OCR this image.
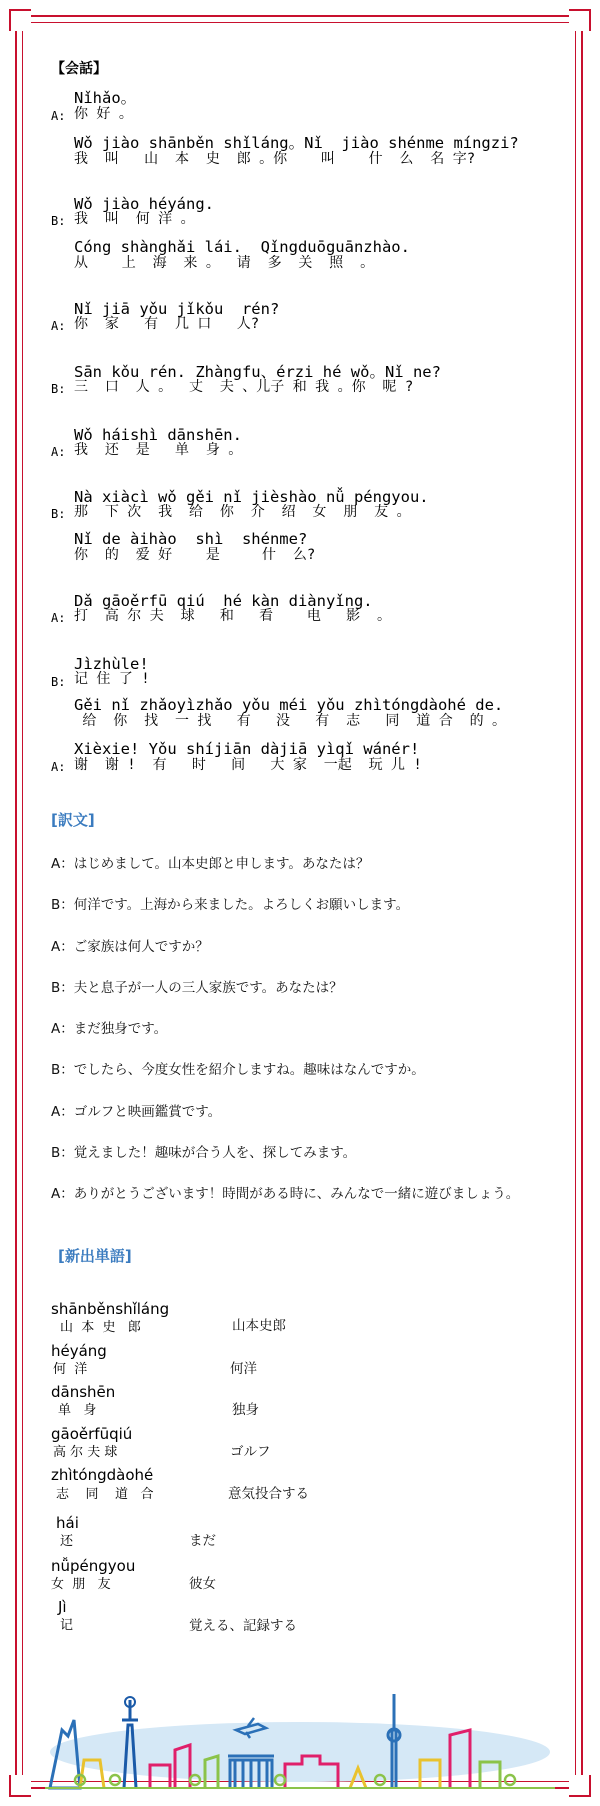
【会話】
Nǐhǎo。
A: 你 好 。
Wǒ jiào shānběn shǐláng。Nǐ  jiào shénme míngzi?
我  叫   山  本  史  郎 。你    叫    什  么  名 字?
Wǒ jiào héyáng.
B: 我  叫  何 洋 。
Cóng shànghǎi lái.  Qǐngduōguānzhào.
从    上  海  来 。  请  多  关  照  。
Nǐ jiā yǒu jǐkǒu  rén?
A: 你  家   有  几 口   人?
Sān kǒu rén. Zhàngfu、érzi hé wǒ。Nǐ ne?
B: 三  口  人 。  丈  夫 、儿子 和 我 。你  呢 ?
Wǒ háishì dānshēn.
A: 我  还  是   单  身 。
Nà xiàcì wǒ gěi nǐ jièshào nǚ péngyou.
B: 那  下 次  我  给  你  介  绍  女  朋  友 。
Nǐ de àihào  shì  shénme?
你  的  爱 好    是     什  么?
Dǎ gāoěrfū qiú  hé kàn diànyǐng.
A: 打  高 尔 夫  球   和   看    电   影  。
Jìzhùle!
B: 记 住 了 !
Gěi nǐ zhǎoyìzhǎo yǒu méi yǒu zhìtóngdàohé de.
给  你  找  一 找   有   没   有  志   同  道 合  的 。
Xièxie! Yǒu shíjiān dàjiā yìqǐ wánér!
A: 谢  谢 !  有   时   间   大 家  一起  玩 儿 !
[訳文]
A：はじめまして。山本史郎と申します。あなたは？
B：何洋です。上海から来ました。よろしくお願いします。
A：ご家族は何人ですか？
B：夫と息子が一人の三人家族です。あなたは？
A：まだ独身です。
B：でしたら、今度女性を紹介しますね。趣味はなんですか。
A：ゴルフと映画鑑賞です。
B：覚えました！趣味が合う人を、探してみます。
A：ありがとうございます！時間がある時に、みんなで一緒に遊びましょう。
[新出単語]
shānběnshǐláng
山  本  史   郎	山本史郎
héyáng
何  洋	何洋
dānshēn
单   身	独身
gāoěrfūqiú
高 尔 夫 球	ゴルフ
zhìtóngdàohé
志    同    道   合	意気投合する
hái
还	まだ
nǚpéngyou
女  朋   友	彼女
Jì
记	覚える、記録する
